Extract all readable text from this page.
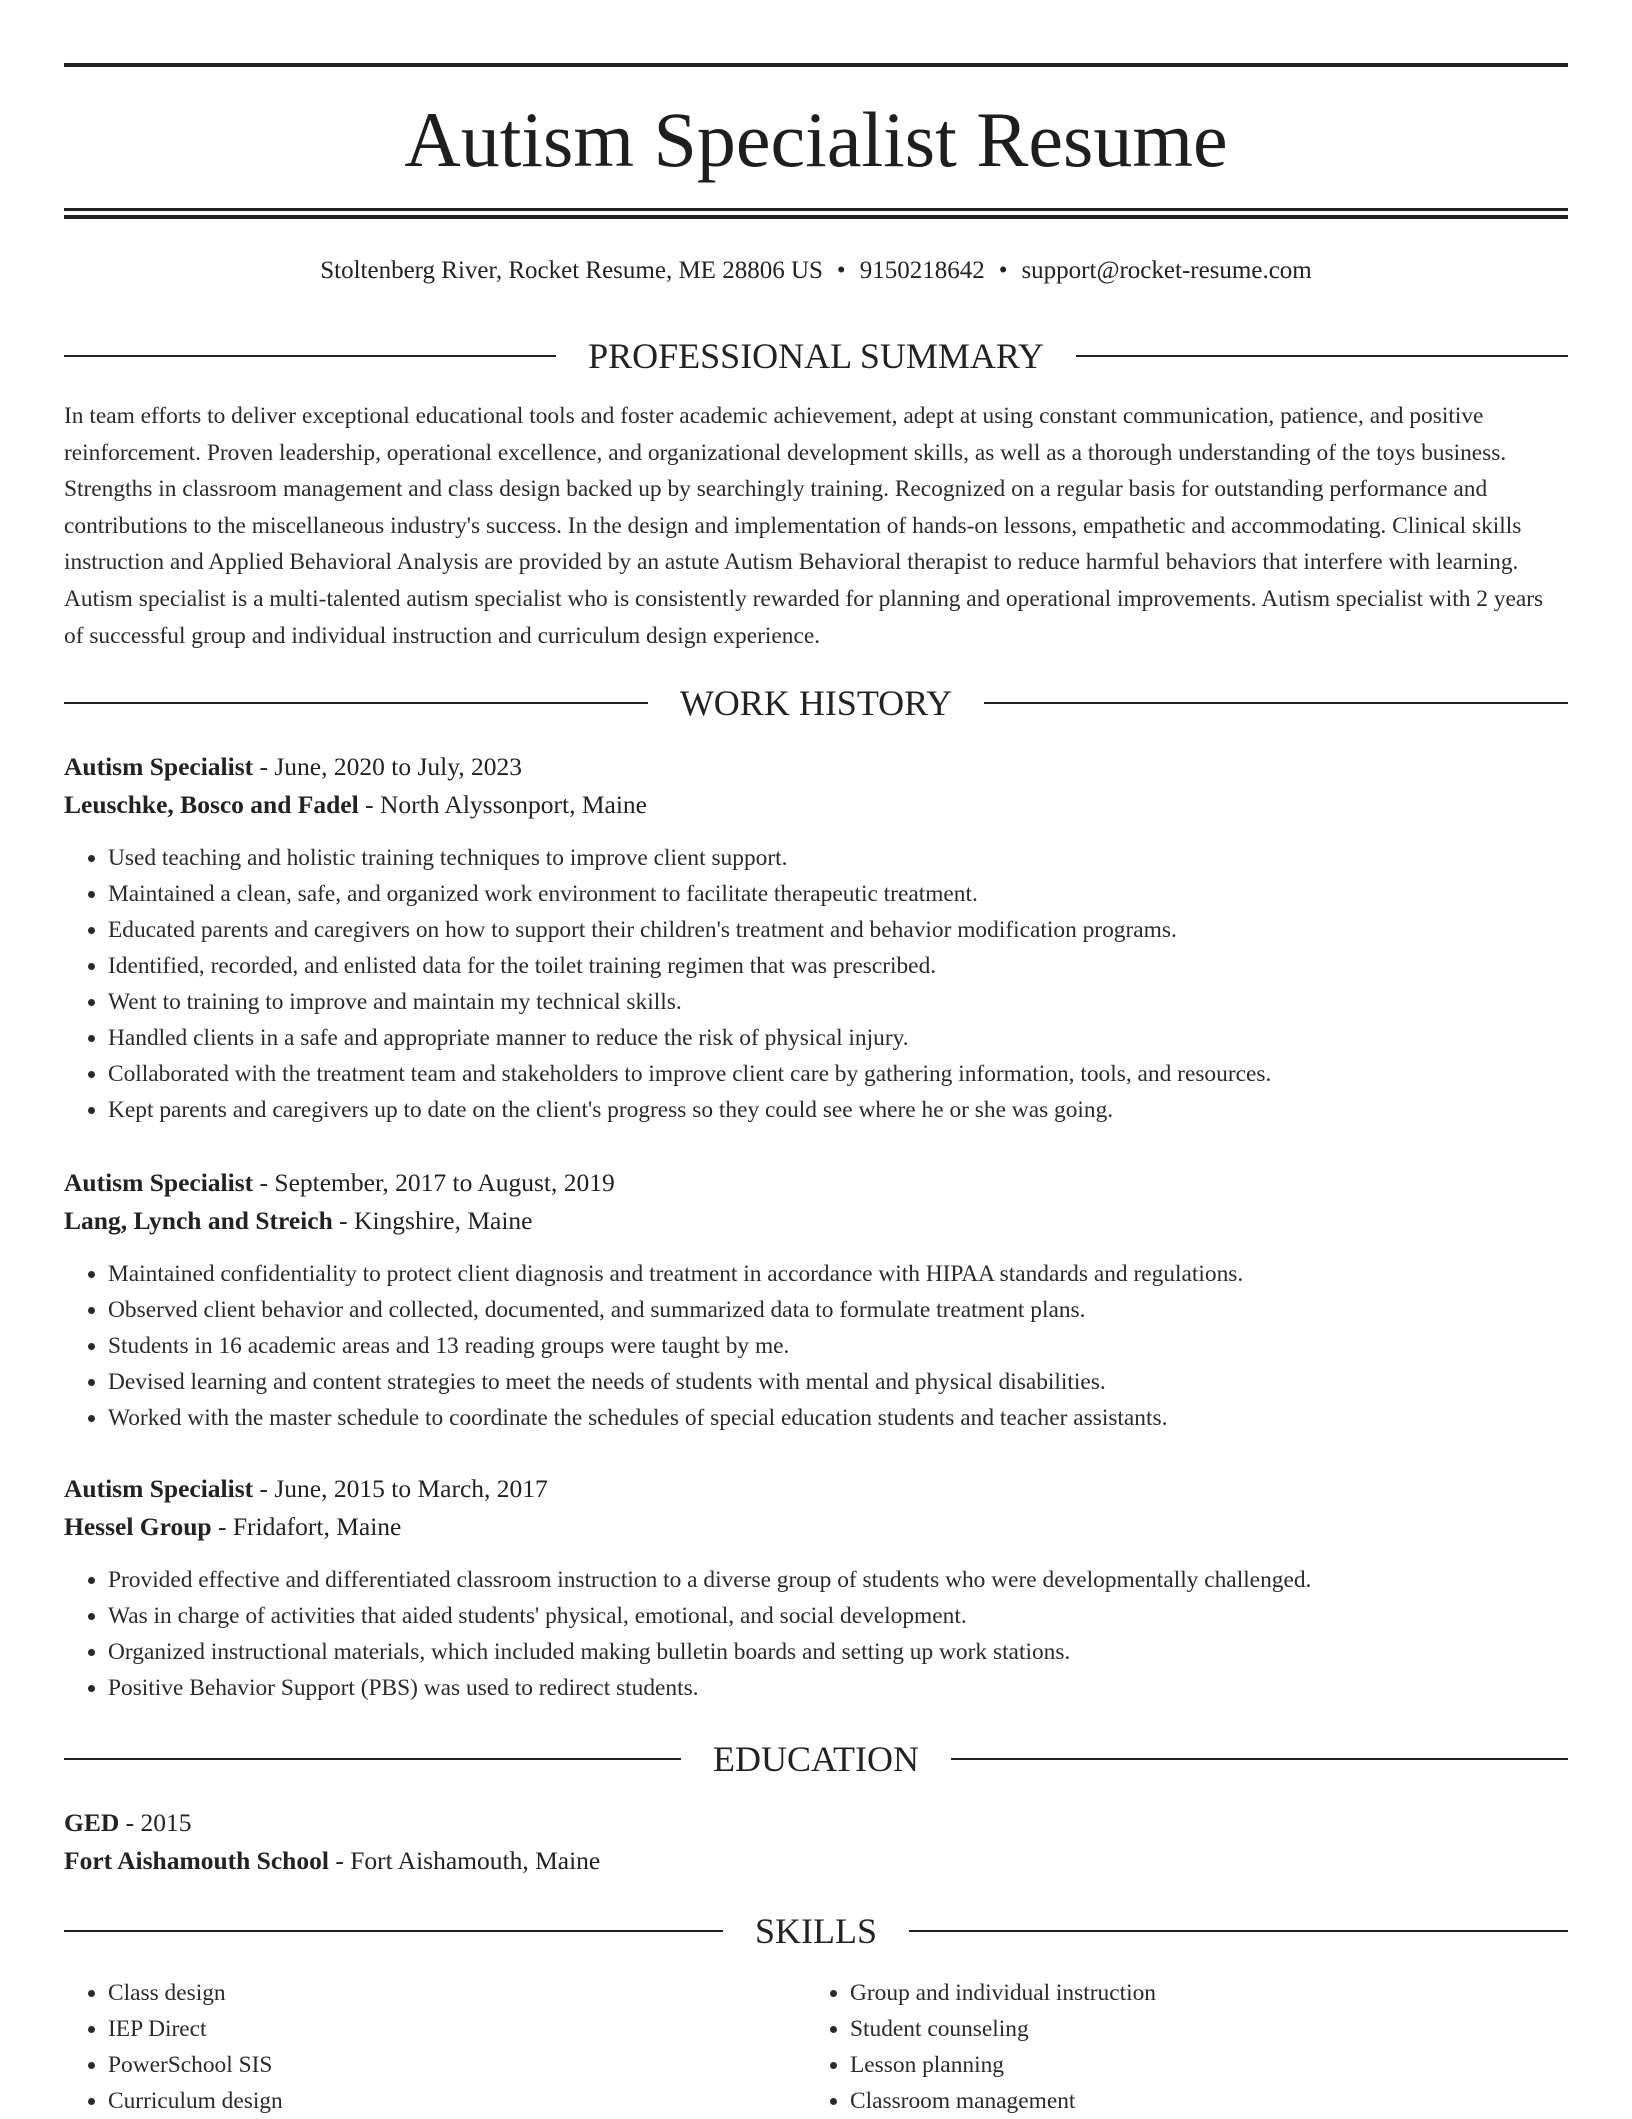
Autism Specialist Resume
Stoltenberg River, Rocket Resume, ME 28806 US • 9150218642 • support@rocket-resume.com
PROFESSIONAL SUMMARY

In team efforts to deliver exceptional educational tools and foster academic achievement, adept at using constant communication, patience, and positive reinforcement. Proven leadership, operational excellence, and organizational development skills, as well as a thorough understanding of the toys business. Strengths in classroom management and class design backed up by searchingly training. Recognized on a regular basis for outstanding performance and contributions to the miscellaneous industry's success. In the design and implementation of hands-on lessons, empathetic and accommodating. Clinical skills instruction and Applied Behavioral Analysis are provided by an astute Autism Behavioral therapist to reduce harmful behaviors that interfere with learning. Autism specialist is a multi-talented autism specialist who is consistently rewarded for planning and operational improvements. Autism specialist with 2 years of successful group and individual instruction and curriculum design experience.

WORK HISTORY
Autism Specialist - June, 2020 to July, 2023
Leuschke, Bosco and Fadel - North Alyssonport, Maine
• Used teaching and holistic training techniques to improve client support.
• Maintained a clean, safe, and organized work environment to facilitate therapeutic treatment.
• Educated parents and caregivers on how to support their children's treatment and behavior modification programs.
• Identified, recorded, and enlisted data for the toilet training regimen that was prescribed.
• Went to training to improve and maintain my technical skills.
• Handled clients in a safe and appropriate manner to reduce the risk of physical injury.
• Collaborated with the treatment team and stakeholders to improve client care by gathering information, tools, and resources.
• Kept parents and caregivers up to date on the client's progress so they could see where he or she was going.
Autism Specialist - September, 2017 to August, 2019
Lang, Lynch and Streich - Kingshire, Maine
• Maintained confidentiality to protect client diagnosis and treatment in accordance with HIPAA standards and regulations.
• Observed client behavior and collected, documented, and summarized data to formulate treatment plans.
• Students in 16 academic areas and 13 reading groups were taught by me.
• Devised learning and content strategies to meet the needs of students with mental and physical disabilities.
• Worked with the master schedule to coordinate the schedules of special education students and teacher assistants.
Autism Specialist - June, 2015 to March, 2017
Hessel Group - Fridafort, Maine
• Provided effective and differentiated classroom instruction to a diverse group of students who were developmentally challenged.
• Was in charge of activities that aided students' physical, emotional, and social development.
• Organized instructional materials, which included making bulletin boards and setting up work stations.
• Positive Behavior Support (PBS) was used to redirect students.
EDUCATION
GED - 2015
Fort Aishamouth School - Fort Aishamouth, Maine
SKILLS
• Class design
• IEP Direct
• PowerSchool SIS
• Curriculum design
• Group and individual instruction
• Student counseling
• Lesson planning
• Classroom management
